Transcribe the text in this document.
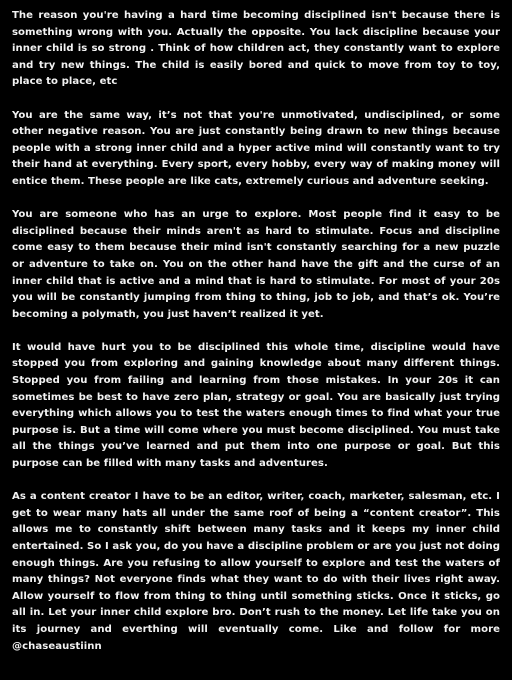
The reason you're having a hard time becoming disciplined isn't because there is something wrong with you. Actually the opposite. You lack discipline because your inner child is so strong . Think of how children act, they constantly want to explore and try new things. The child is easily bored and quick to move from toy to toy, place to place, etc

You are the same way, it’s not that you're unmotivated, undisciplined, or some other negative reason. You are just constantly being drawn to new things because people with a strong inner child and a hyper active mind will constantly want to try their hand at everything. Every sport, every hobby, every way of making money will entice them. These people are like cats, extremely curious and adventure seeking.

You are someone who has an urge to explore. Most people find it easy to be disciplined because their minds aren't as hard to stimulate. Focus and discipline come easy to them because their mind isn't constantly searching for a new puzzle or adventure to take on. You on the other hand have the gift and the curse of an inner child that is active and a mind that is hard to stimulate. For most of your 20s you will be constantly jumping from thing to thing, job to job, and that’s ok. You’re becoming a polymath, you just haven’t realized it yet.

It would have hurt you to be disciplined this whole time, discipline would have stopped you from exploring and gaining knowledge about many different things. Stopped you from failing and learning from those mistakes. In your 20s it can sometimes be best to have zero plan, strategy or goal. You are basically just trying everything which allows you to test the waters enough times to find what your true purpose is. But a time will come where you must become disciplined. You must take all the things you’ve learned and put them into one purpose or goal. But this purpose can be filled with many tasks and adventures.

As a content creator I have to be an editor, writer, coach, marketer, salesman, etc. I get to wear many hats all under the same roof of being a “content creator”. This allows me to constantly shift between many tasks and it keeps my inner child entertained. So I ask you, do you have a discipline problem or are you just not doing enough things. Are you refusing to allow yourself to explore and test the waters of many things? Not everyone finds what they want to do with their lives right away. Allow yourself to flow from thing to thing until something sticks. Once it sticks, go all in. Let your inner child explore bro. Don’t rush to the money. Let life take you on its journey and everthing will eventually come. Like and follow for more @chaseaustiinn
